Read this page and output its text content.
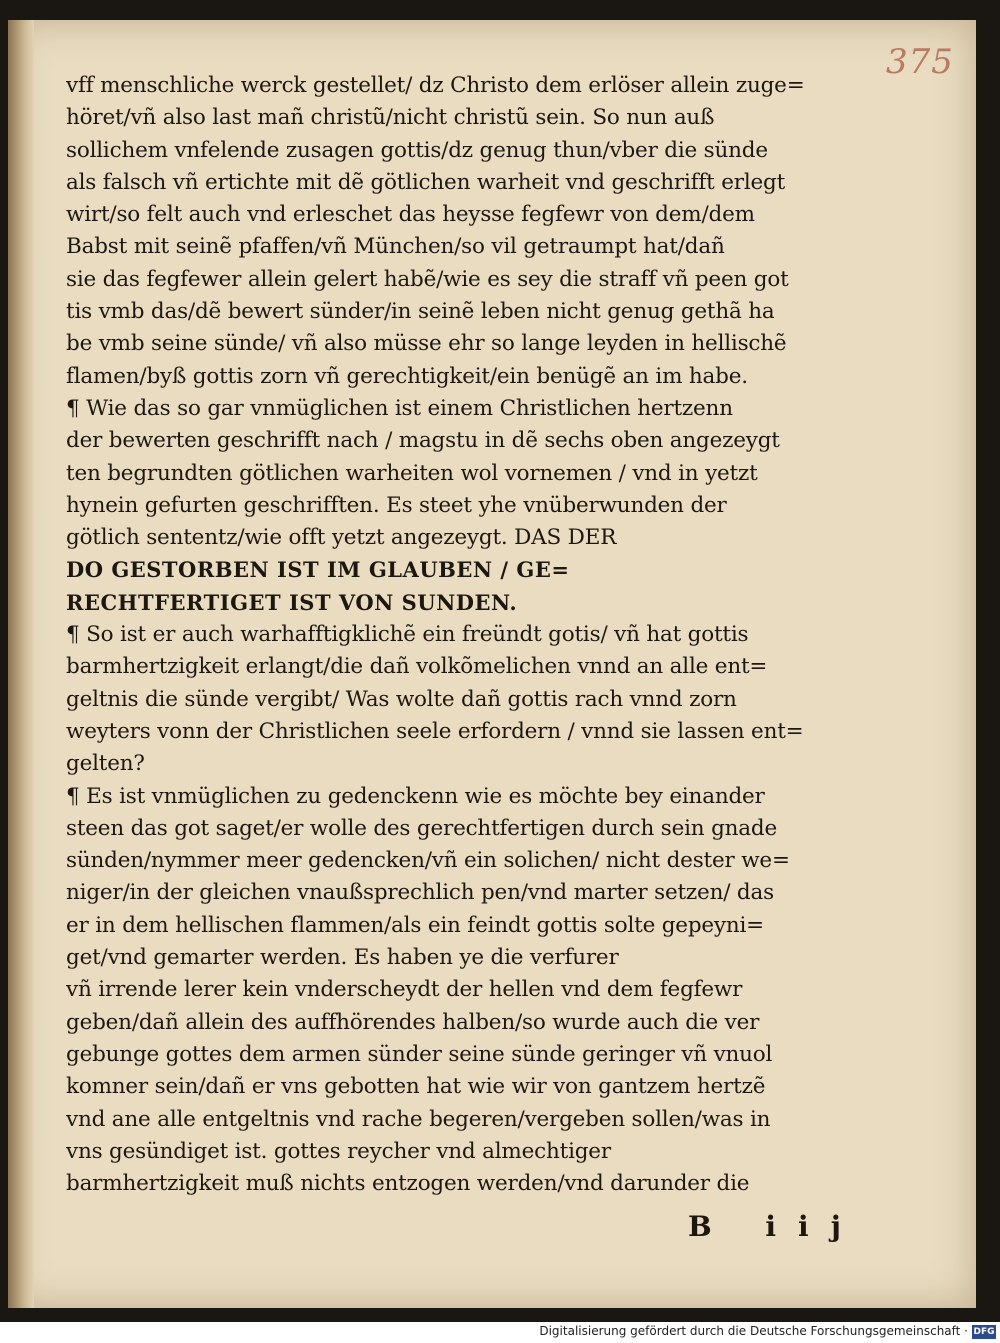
375
vff menschliche werck gestellet/ dz Christo dem erlöser allein zuge=
höret/vñ also last mañ christũ/nicht christũ sein. So nun auß
sollichem vnfelende zusagen gottis/dz genug thun/vber die sünde
als falsch vñ ertichte mit dẽ götlichen warheit vnd geschrifft erlegt
wirt/so felt auch vnd erleschet das heysse fegfewr von dem/dem
Babst mit seinẽ pfaffen/vñ München/so vil getraumpt hat/dañ
sie das fegfewer allein gelert habẽ/wie es sey die straff vñ peen got
tis vmb das/dẽ bewert sünder/in seinẽ leben nicht genug gethã ha
be vmb seine sünde/ vñ also müsse ehr so lange leyden in hellischẽ
flamen/byß gottis zorn vñ gerechtigkeit/ein benügẽ an im habe.
¶ Wie das so gar vnmüglichen ist einem Christlichen hertzenn
der bewerten geschrifft nach / magstu in dẽ sechs oben angezeygt
ten begrundten götlichen warheiten wol vornemen / vnd in yetzt
hynein gefurten geschrifften. Es steet yhe vnüberwunden der
götlich sententz/wie offt yetzt angezeygt. DAS DER
DO GESTORBEN IST IM GLAUBEN / GE=
RECHTFERTIGET IST VON SUNDEN.
¶ So ist er auch warhafftigklichẽ ein freündt gotis/ vñ hat gottis
barmhertzigkeit erlangt/die dañ volkõmelichen vnnd an alle ent=
geltnis die sünde vergibt/ Was wolte dañ gottis rach vnnd zorn
weyters vonn der Christlichen seele erfordern / vnnd sie lassen ent=
gelten?
¶ Es ist vnmüglichen zu gedenckenn wie es möchte bey einander
steen das got saget/er wolle des gerechtfertigen durch sein gnade
sünden/nymmer meer gedencken/vñ ein solichen/ nicht dester we=
niger/in der gleichen vnaußsprechlich pen/vnd marter setzen/ das
er in dem hellischen flammen/als ein feindt gottis solte gepeyni=
get/vnd gemarter werden. Es haben ye die verfurer
vñ irrende lerer kein vnderscheydt der hellen vnd dem fegfewr
geben/dañ allein des auffhörendes halben/so wurde auch die ver
gebunge gottes dem armen sünder seine sünde geringer vñ vnuol
komner sein/dañ er vns gebotten hat wie wir von gantzem hertzẽ
vnd ane alle entgeltnis vnd rache begeren/vergeben sollen/was in
vns gesündiget ist. gottes reycher vnd almechtiger
barmhertzigkeit muß nichts entzogen werden/vnd darunder die
B iij
Digitalisierung gefördert durch die Deutsche Forschungsgemeinschaft · DFG
